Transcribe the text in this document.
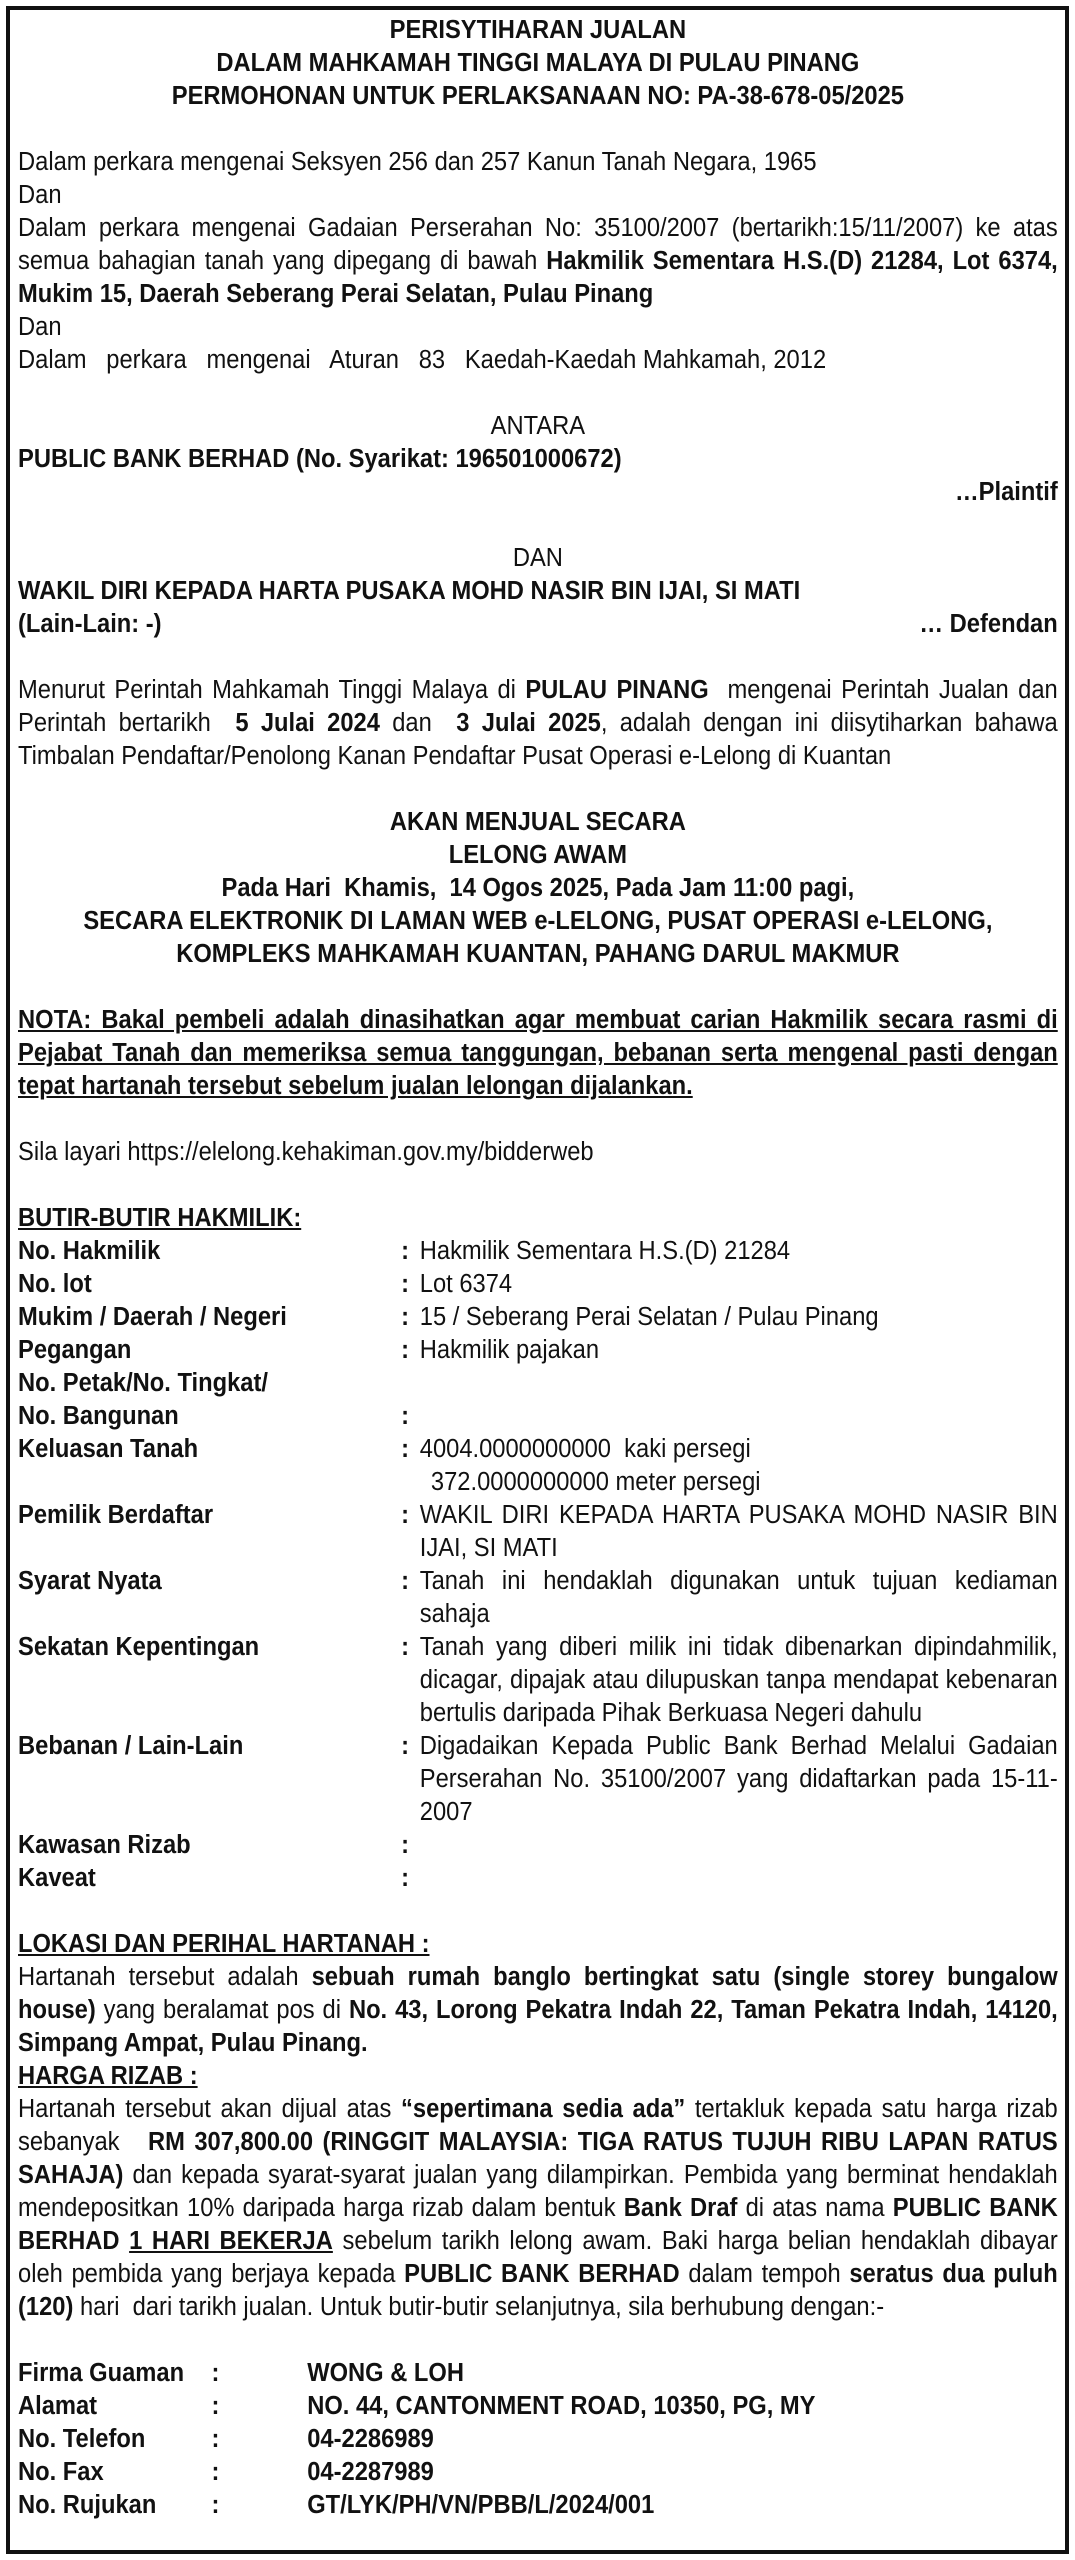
PERISYTIHARAN JUALAN

DALAM MAHKAMAH TINGGI MALAYA DI PULAU PINANG

PERMOHONAN UNTUK PERLAKSANAAN NO: PA-38-678-05/2025

Dalam perkara mengenai Seksyen 256 dan 257 Kanun Tanah Negara, 1965

Dan

Dalam perkara mengenai Gadaian Perserahan No: 35100/2007 (bertarikh:15/11/2007) ke atas semua bahagian tanah yang dipegang di bawah Hakmilik Sementara H.S.(D) 21284, Lot 6374, Mukim 15, Daerah Seberang Perai Selatan, Pulau Pinang

Dan

Dalam   perkara   mengenai   Aturan   83   Kaedah-Kaedah Mahkamah, 2012

ANTARA

PUBLIC BANK BERHAD (No. Syarikat: 196501000672)

…Plaintif

DAN

WAKIL DIRI KEPADA HARTA PUSAKA MOHD NASIR BIN IJAI, SI MATI

(Lain-Lain: -)	… Defendan

Menurut Perintah Mahkamah Tinggi Malaya di PULAU PINANG  mengenai Perintah Jualan dan Perintah bertarikh  5 Julai 2024 dan  3 Julai 2025, adalah dengan ini diisytiharkan bahawa Timbalan Pendaftar/Penolong Kanan Pendaftar Pusat Operasi e-Lelong di Kuantan

AKAN MENJUAL SECARA

LELONG AWAM

Pada Hari  Khamis,  14 Ogos 2025, Pada Jam 11:00 pagi,

SECARA ELEKTRONIK DI LAMAN WEB e-LELONG, PUSAT OPERASI e-LELONG,

KOMPLEKS MAHKAMAH KUANTAN, PAHANG DARUL MAKMUR

NOTA: Bakal pembeli adalah dinasihatkan agar membuat carian Hakmilik secara rasmi di Pejabat Tanah dan memeriksa semua tanggungan, bebanan serta mengenal pasti dengan tepat hartanah tersebut sebelum jualan lelongan dijalankan.

Sila layari https://elelong.kehakiman.gov.my/bidderweb

BUTIR-BUTIR HAKMILIK:

No. Hakmilik	: Hakmilik Sementara H.S.(D) 21284
No. lot	: Lot 6374
Mukim / Daerah / Negeri	: 15 / Seberang Perai Selatan / Pulau Pinang
Pegangan	: Hakmilik pajakan
No. Petak/No. Tingkat/
No. Bangunan	:
Keluasan Tanah	: 4004.0000000000  kaki persegi
372.0000000000 meter persegi
Pemilik Berdaftar	: WAKIL DIRI KEPADA HARTA PUSAKA MOHD NASIR BIN IJAI, SI MATI
Syarat Nyata	: Tanah ini hendaklah digunakan untuk tujuan kediaman sahaja
Sekatan Kepentingan	: Tanah yang diberi milik ini tidak dibenarkan dipindahmilik, dicagar, dipajak atau dilupuskan tanpa mendapat kebenaran bertulis daripada Pihak Berkuasa Negeri dahulu
Bebanan / Lain-Lain	: Digadaikan Kepada Public Bank Berhad Melalui Gadaian Perserahan No. 35100/2007 yang didaftarkan pada 15-11-2007
Kawasan Rizab	:
Kaveat	:

LOKASI DAN PERIHAL HARTANAH :

Hartanah tersebut adalah sebuah rumah banglo bertingkat satu (single storey bungalow house) yang beralamat pos di No. 43, Lorong Pekatra Indah 22, Taman Pekatra Indah, 14120, Simpang Ampat, Pulau Pinang.

HARGA RIZAB :

Hartanah tersebut akan dijual atas “sepertimana sedia ada” tertakluk kepada satu harga rizab sebanyak   RM 307,800.00 (RINGGIT MALAYSIA: TIGA RATUS TUJUH RIBU LAPAN RATUS SAHAJA) dan kepada syarat-syarat jualan yang dilampirkan. Pembida yang berminat hendaklah mendepositkan 10% daripada harga rizab dalam bentuk Bank Draf di atas nama PUBLIC BANK BERHAD 1 HARI BEKERJA sebelum tarikh lelong awam. Baki harga belian hendaklah dibayar oleh pembida yang berjaya kepada PUBLIC BANK BERHAD dalam tempoh seratus dua puluh (120) hari  dari tarikh jualan. Untuk butir-butir selanjutnya, sila berhubung dengan:-

Firma Guaman	:	WONG & LOH
Alamat	:	NO. 44, CANTONMENT ROAD, 10350, PG, MY
No. Telefon	:	04-2286989
No. Fax	:	04-2287989
No. Rujukan	:	GT/LYK/PH/VN/PBB/L/2024/001
